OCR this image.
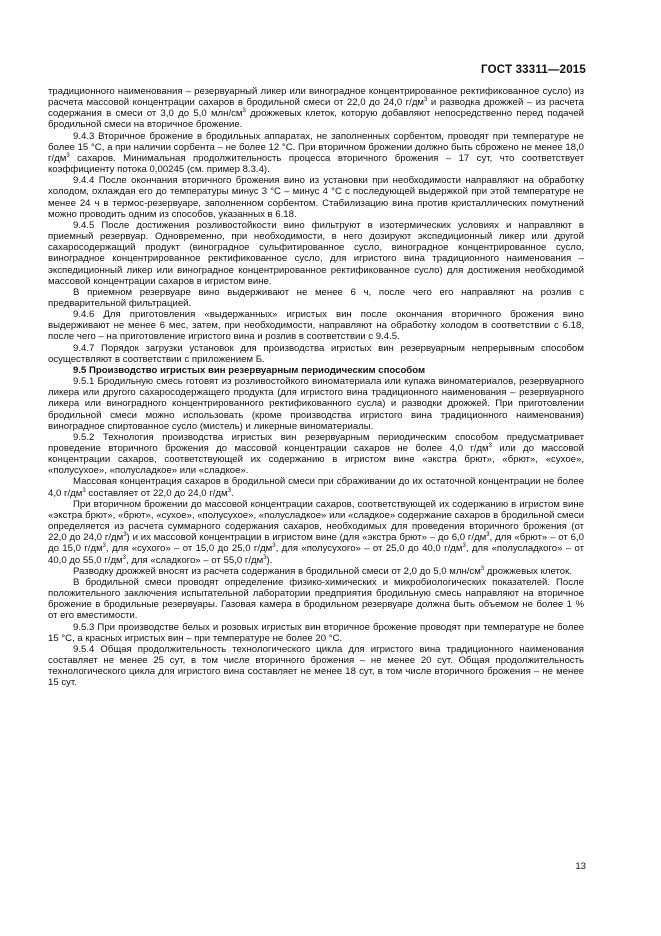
ГОСТ 33311—2015

традиционного наименования – резервуарный ликер или виноградное концентрированное ректификованное сусло) из расчета массовой концентрации сахаров в бродильной смеси от 22,0 до 24,0 $г/дм^3$ и разводка дрожжей – из расчета содержания в смеси от 3,0 до 5,0 млн/$см^3$ дрожжевых клеток, которую добавляют непосредственно перед подачей бродильной смеси на вторичное брожение.

9.4.3 Вторичное брожение в бродильных аппаратах, не заполненных сорбентом, проводят при температуре не более 15 °С, а при наличии сорбента – не более 12 °С. При вторичном брожении должно быть сброжено не менее 18,0 $г/дм^3$ сахаров. Минимальная продолжительность процесса вторичного брожения – 17 сут, что соответствует коэффициенту потока 0,00245 (см. пример 8.3.4).

9.4.4 После окончания вторичного брожения вино из установки при необходимости направляют на обработку холодом, охлаждая его до температуры минус 3 °С – минус 4 °С с последующей выдержкой при этой температуре не менее 24 ч в термос-резервуаре, заполненном сорбентом. Стабилизацию вина против кристаллических помутнений можно проводить одним из способов, указанных в 6.18.

9.4.5 После достижения розливостойкости вино фильтруют в изотермических условиях и направляют в приемный резервуар. Одновременно, при необходимости, в него дозируют экспедиционный ликер или другой сахаросодержащий продукт (виноградное сульфитированное сусло, виноградное концентрированное сусло, виноградное концентрированное ректификованное сусло, для игристого вина традиционного наименования – экспедиционный ликер или виноградное концентрированное ректификованное сусло) для достижения необходимой массовой концентрации сахаров в игристом вине.

В приемном резервуаре вино выдерживают не менее 6 ч, после чего его направляют на розлив с предварительной фильтрацией.

9.4.6 Для приготовления «выдержанных» игристых вин после окончания вторичного брожения вино выдерживают не менее 6 мес, затем, при необходимости, направляют на обработку холодом в соответствии с 6.18, после чего – на приготовление игристого вина и розлив в соответствии с 9.4.5.

9.4.7 Порядок загрузки установок для производства игристых вин резервуарным непрерывным способом осуществляют в соответствии с приложением Б.

9.5 Производство игристых вин резервуарным периодическим способом

9.5.1 Бродильную смесь готовят из розливостойкого виноматериала или купажа виноматериалов, резервуарного ликера или другого сахаросодержащего продукта (для игристого вина традиционного наименования – резервуарного ликера или виноградного концентрированного ректификованного сусла) и разводки дрожжей. При приготовлении бродильной смеси можно использовать (кроме производства игристого вина традиционного наименования) виноградное спиртованное сусло (мистель) и ликерные виноматериалы.

9.5.2 Технология производства игристых вин резервуарным периодическим способом предусматривает проведение вторичного брожения до массовой концентрации сахаров не более 4,0 $г/дм^3$ или до массовой концентрации сахаров, соответствующей их содержанию в игристом вине «экстра брют», «брют», «сухое», «полусухое», «полусладкое» или «сладкое».

Массовая концентрация сахаров в бродильной смеси при сбраживании до их остаточной концентрации не более 4,0 $г/дм^3$ составляет от 22,0 до 24,0 $г/дм^3$.

При вторичном брожении до массовой концентрации сахаров, соответствующей их содержанию в игристом вине «экстра брют», «брют», «сухое», «полусухое», «полусладкое» или «сладкое» содержание сахаров в бродильной смеси определяется из расчета суммарного содержания сахаров, необходимых для проведения вторичного брожения (от 22,0 до 24,0 $г/дм^3$) и их массовой концентрации в игристом вине (для «экстра брют» – до 6,0 $г/дм^3$, для «брют» – от 6,0 до 15,0 $г/дм^3$, для «сухого» – от 15,0 до 25,0 $г/дм^3$, для «полусухого» – от 25,0 до 40,0 $г/дм^3$, для «полусладкого» – от 40,0 до 55,0 $г/дм^3$, для «сладкого» – от 55,0 $г/дм^3$).

Разводку дрожжей вносят из расчета содержания в бродильной смеси от 2,0 до 5,0 млн/$см^3$ дрожжевых клеток.

В бродильной смеси проводят определение физико-химических и микробиологических показателей. После положительного заключения испытательной лаборатории предприятия бродильную смесь направляют на вторичное брожение в бродильные резервуары. Газовая камера в бродильном резервуаре должна быть объемом не более 1 % от его вместимости.

9.5.3 При производстве белых и розовых игристых вин вторичное брожение проводят при температуре не более 15 °С, а красных игристых вин – при температуре не более 20 °С.

9.5.4 Общая продолжительность технологического цикла для игристого вина традиционного наименования составляет не менее 25 сут, в том числе вторичного брожения – не менее 20 сут. Общая продолжительность технологического цикла для игристого вина составляет не менее 18 сут, в том числе вторичного брожения – не менее 15 сут.

13
